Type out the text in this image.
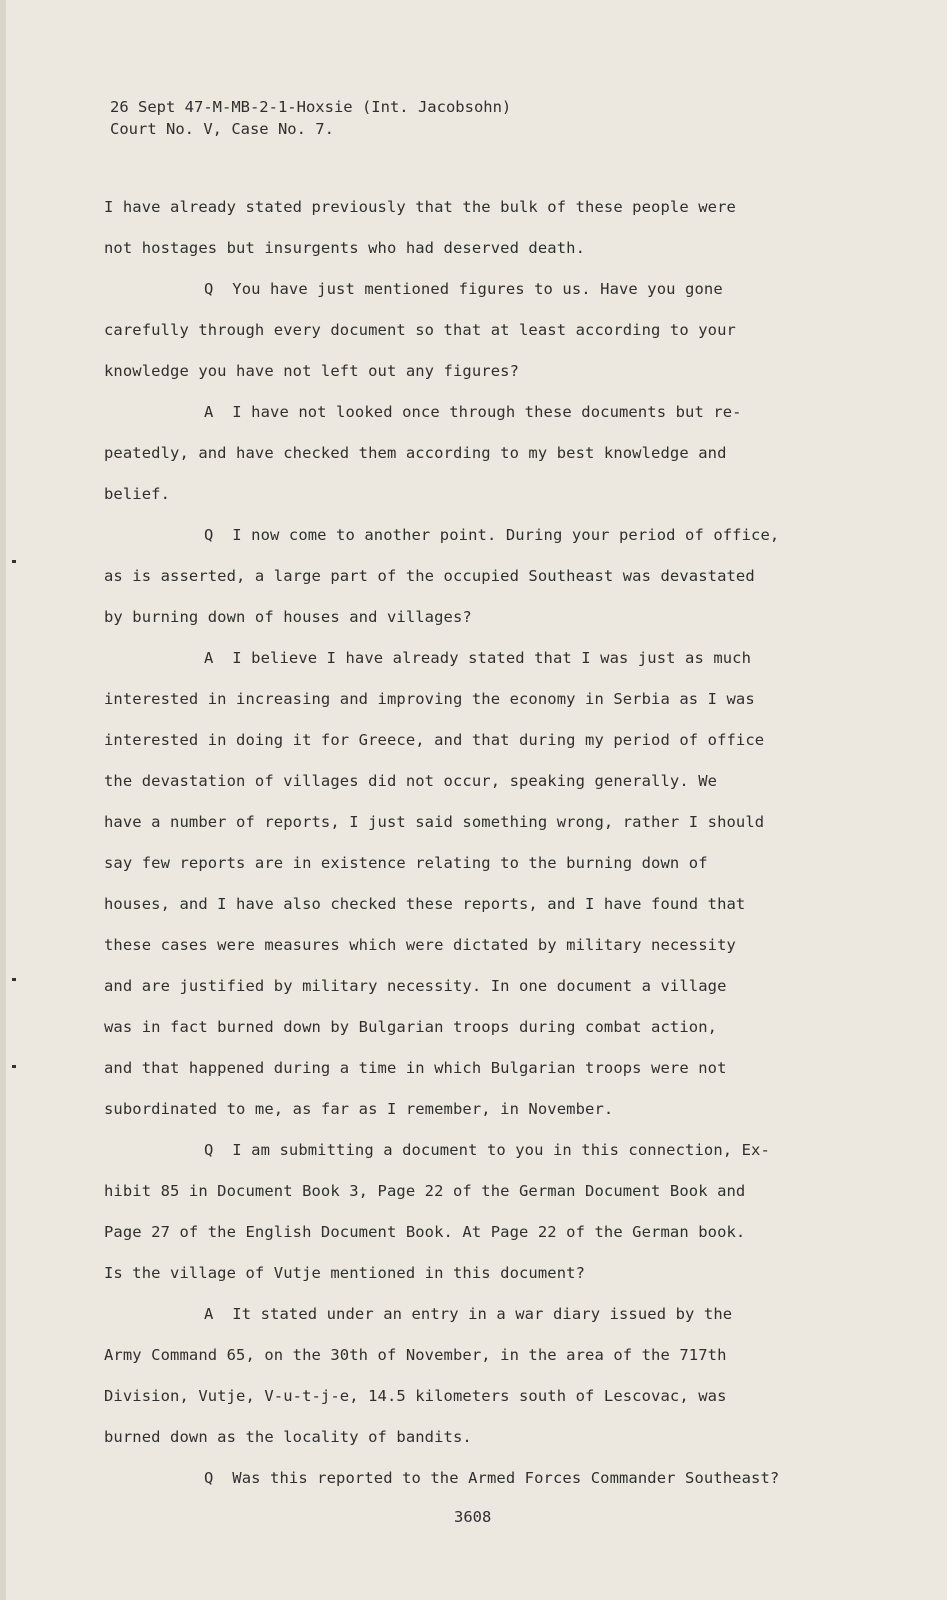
26 Sept 47-M-MB-2-1-Hoxsie (Int. Jacobsohn)
Court No. V, Case No. 7.
I have already stated previously that the bulk of these people were
not hostages but insurgents who had deserved death.
Q  You have just mentioned figures to us. Have you gone
carefully through every document so that at least according to your
knowledge you have not left out any figures?
A  I have not looked once through these documents but re-
peatedly, and have checked them according to my best knowledge and
belief.
Q  I now come to another point. During your period of office,
as is asserted, a large part of the occupied Southeast was devastated
by burning down of houses and villages?
A  I believe I have already stated that I was just as much
interested in increasing and improving the economy in Serbia as I was
interested in doing it for Greece, and that during my period of office
the devastation of villages did not occur, speaking generally. We
have a number of reports, I just said something wrong, rather I should
say few reports are in existence relating to the burning down of
houses, and I have also checked these reports, and I have found that
these cases were measures which were dictated by military necessity
and are justified by military necessity. In one document a village
was in fact burned down by Bulgarian troops during combat action,
and that happened during a time in which Bulgarian troops were not
subordinated to me, as far as I remember, in November.
Q  I am submitting a document to you in this connection, Ex-
hibit 85 in Document Book 3, Page 22 of the German Document Book and
Page 27 of the English Document Book. At Page 22 of the German book.
Is the village of Vutje mentioned in this document?
A  It stated under an entry in a war diary issued by the
Army Command 65, on the 30th of November, in the area of the 717th
Division, Vutje, V-u-t-j-e, 14.5 kilometers south of Lescovac, was
burned down as the locality of bandits.
Q  Was this reported to the Armed Forces Commander Southeast?
3608
